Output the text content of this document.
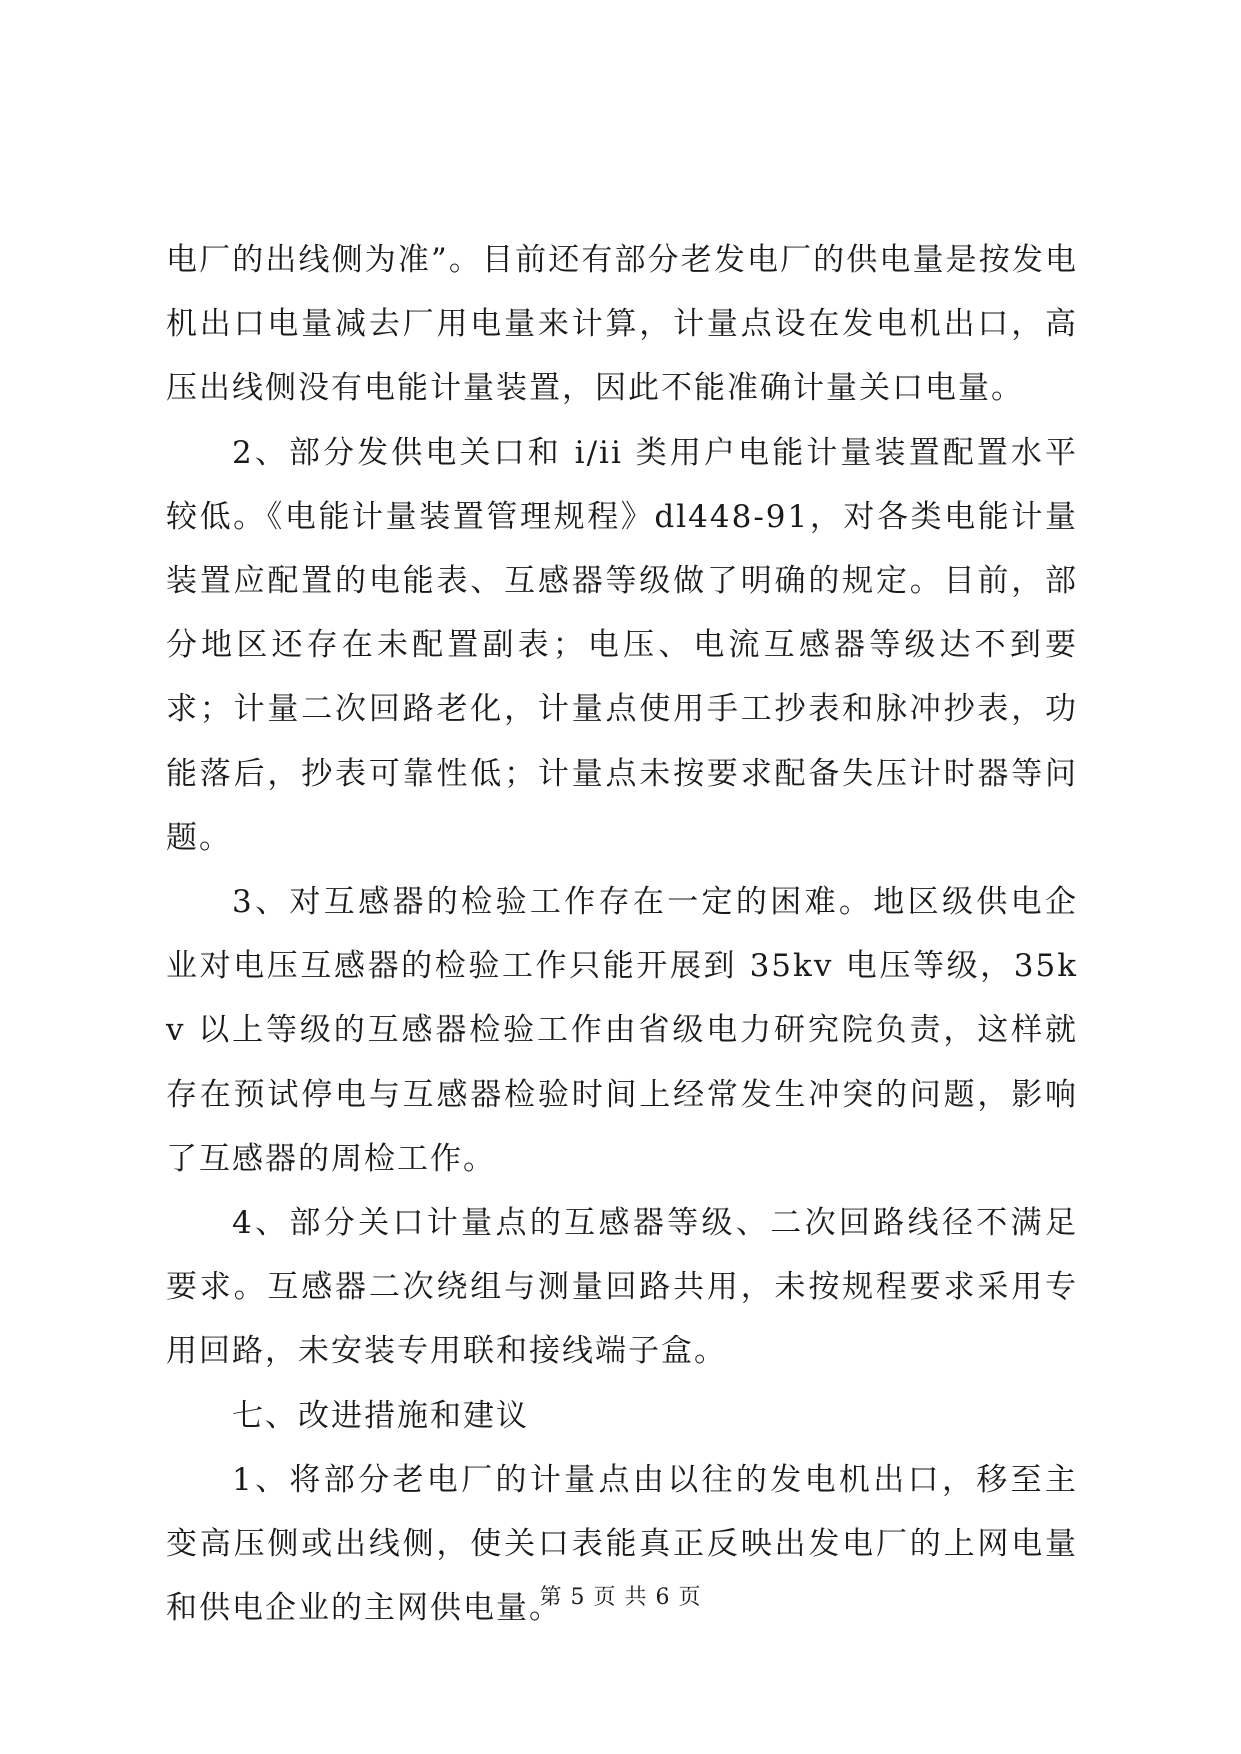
电厂的出线侧为准”。目前还有部分老发电厂的供电量是按发电机出口电量减去厂用电量来计算，计量点设在发电机出口，高压出线侧没有电能计量装置，因此不能准确计量关口电量。

2、部分发供电关口和 i/ii 类用户电能计量装置配置水平较低。《电能计量装置管理规程》dl448-91，对各类电能计量装置应配置的电能表、互感器等级做了明确的规定。目前，部分地区还存在未配置副表；电压、电流互感器等级达不到要求；计量二次回路老化，计量点使用手工抄表和脉冲抄表，功能落后，抄表可靠性低；计量点未按要求配备失压计时器等问题。

3、对互感器的检验工作存在一定的困难。地区级供电企业对电压互感器的检验工作只能开展到 35kv 电压等级，35kv 以上等级的互感器检验工作由省级电力研究院负责，这样就存在预试停电与互感器检验时间上经常发生冲突的问题，影响了互感器的周检工作。

4、部分关口计量点的互感器等级、二次回路线径不满足要求。互感器二次绕组与测量回路共用，未按规程要求采用专用回路，未安装专用联和接线端子盒。

七、改进措施和建议

1、将部分老电厂的计量点由以往的发电机出口，移至主变高压侧或出线侧，使关口表能真正反映出发电厂的上网电量和供电企业的主网供电量。

第 5 页 共 6 页
